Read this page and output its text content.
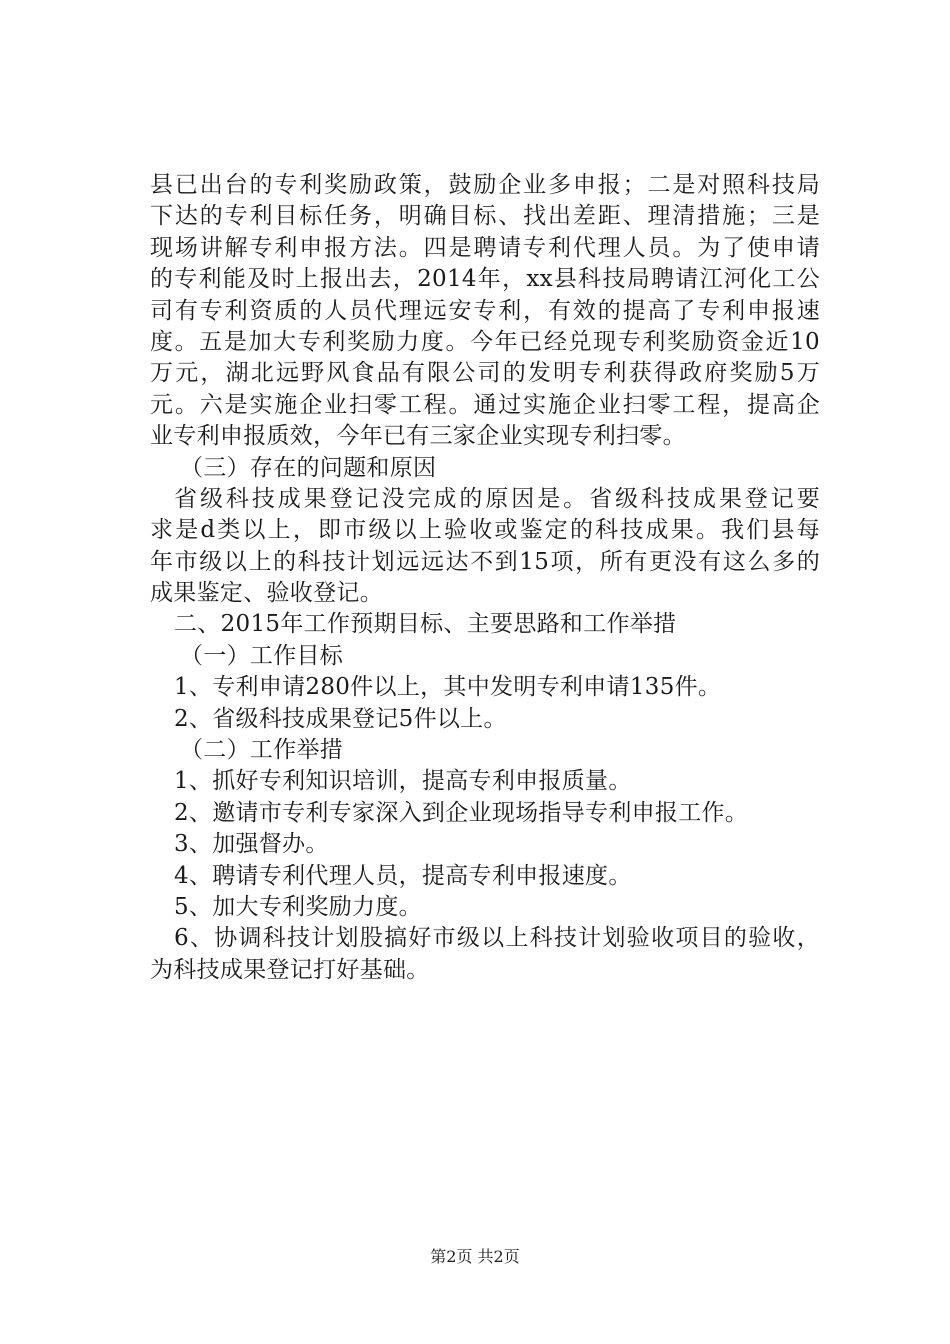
县已出台的专利奖励政策，鼓励企业多申报；二是对照科技局
下达的专利目标任务，明确目标、找出差距、理清措施；三是
现场讲解专利申报方法。四是聘请专利代理人员。为了使申请
的专利能及时上报出去，2014年，xx县科技局聘请江河化工公
司有专利资质的人员代理远安专利，有效的提高了专利申报速
度。五是加大专利奖励力度。今年已经兑现专利奖励资金近10
万元，湖北远野风食品有限公司的发明专利获得政府奖励5万
元。六是实施企业扫零工程。通过实施企业扫零工程，提高企
业专利申报质效，今年已有三家企业实现专利扫零。
（三）存在的问题和原因
省级科技成果登记没完成的原因是。省级科技成果登记要
求是d类以上，即市级以上验收或鉴定的科技成果。我们县每
年市级以上的科技计划远远达不到15项，所有更没有这么多的
成果鉴定、验收登记。
二、2015年工作预期目标、主要思路和工作举措
（一）工作目标
1、专利申请280件以上，其中发明专利申请135件。
2、省级科技成果登记5件以上。
（二）工作举措
1、抓好专利知识培训，提高专利申报质量。
2、邀请市专利专家深入到企业现场指导专利申报工作。
3、加强督办。
4、聘请专利代理人员，提高专利申报速度。
5、加大专利奖励力度。
6、协调科技计划股搞好市级以上科技计划验收项目的验收，
为科技成果登记打好基础。
第2页 共2页
